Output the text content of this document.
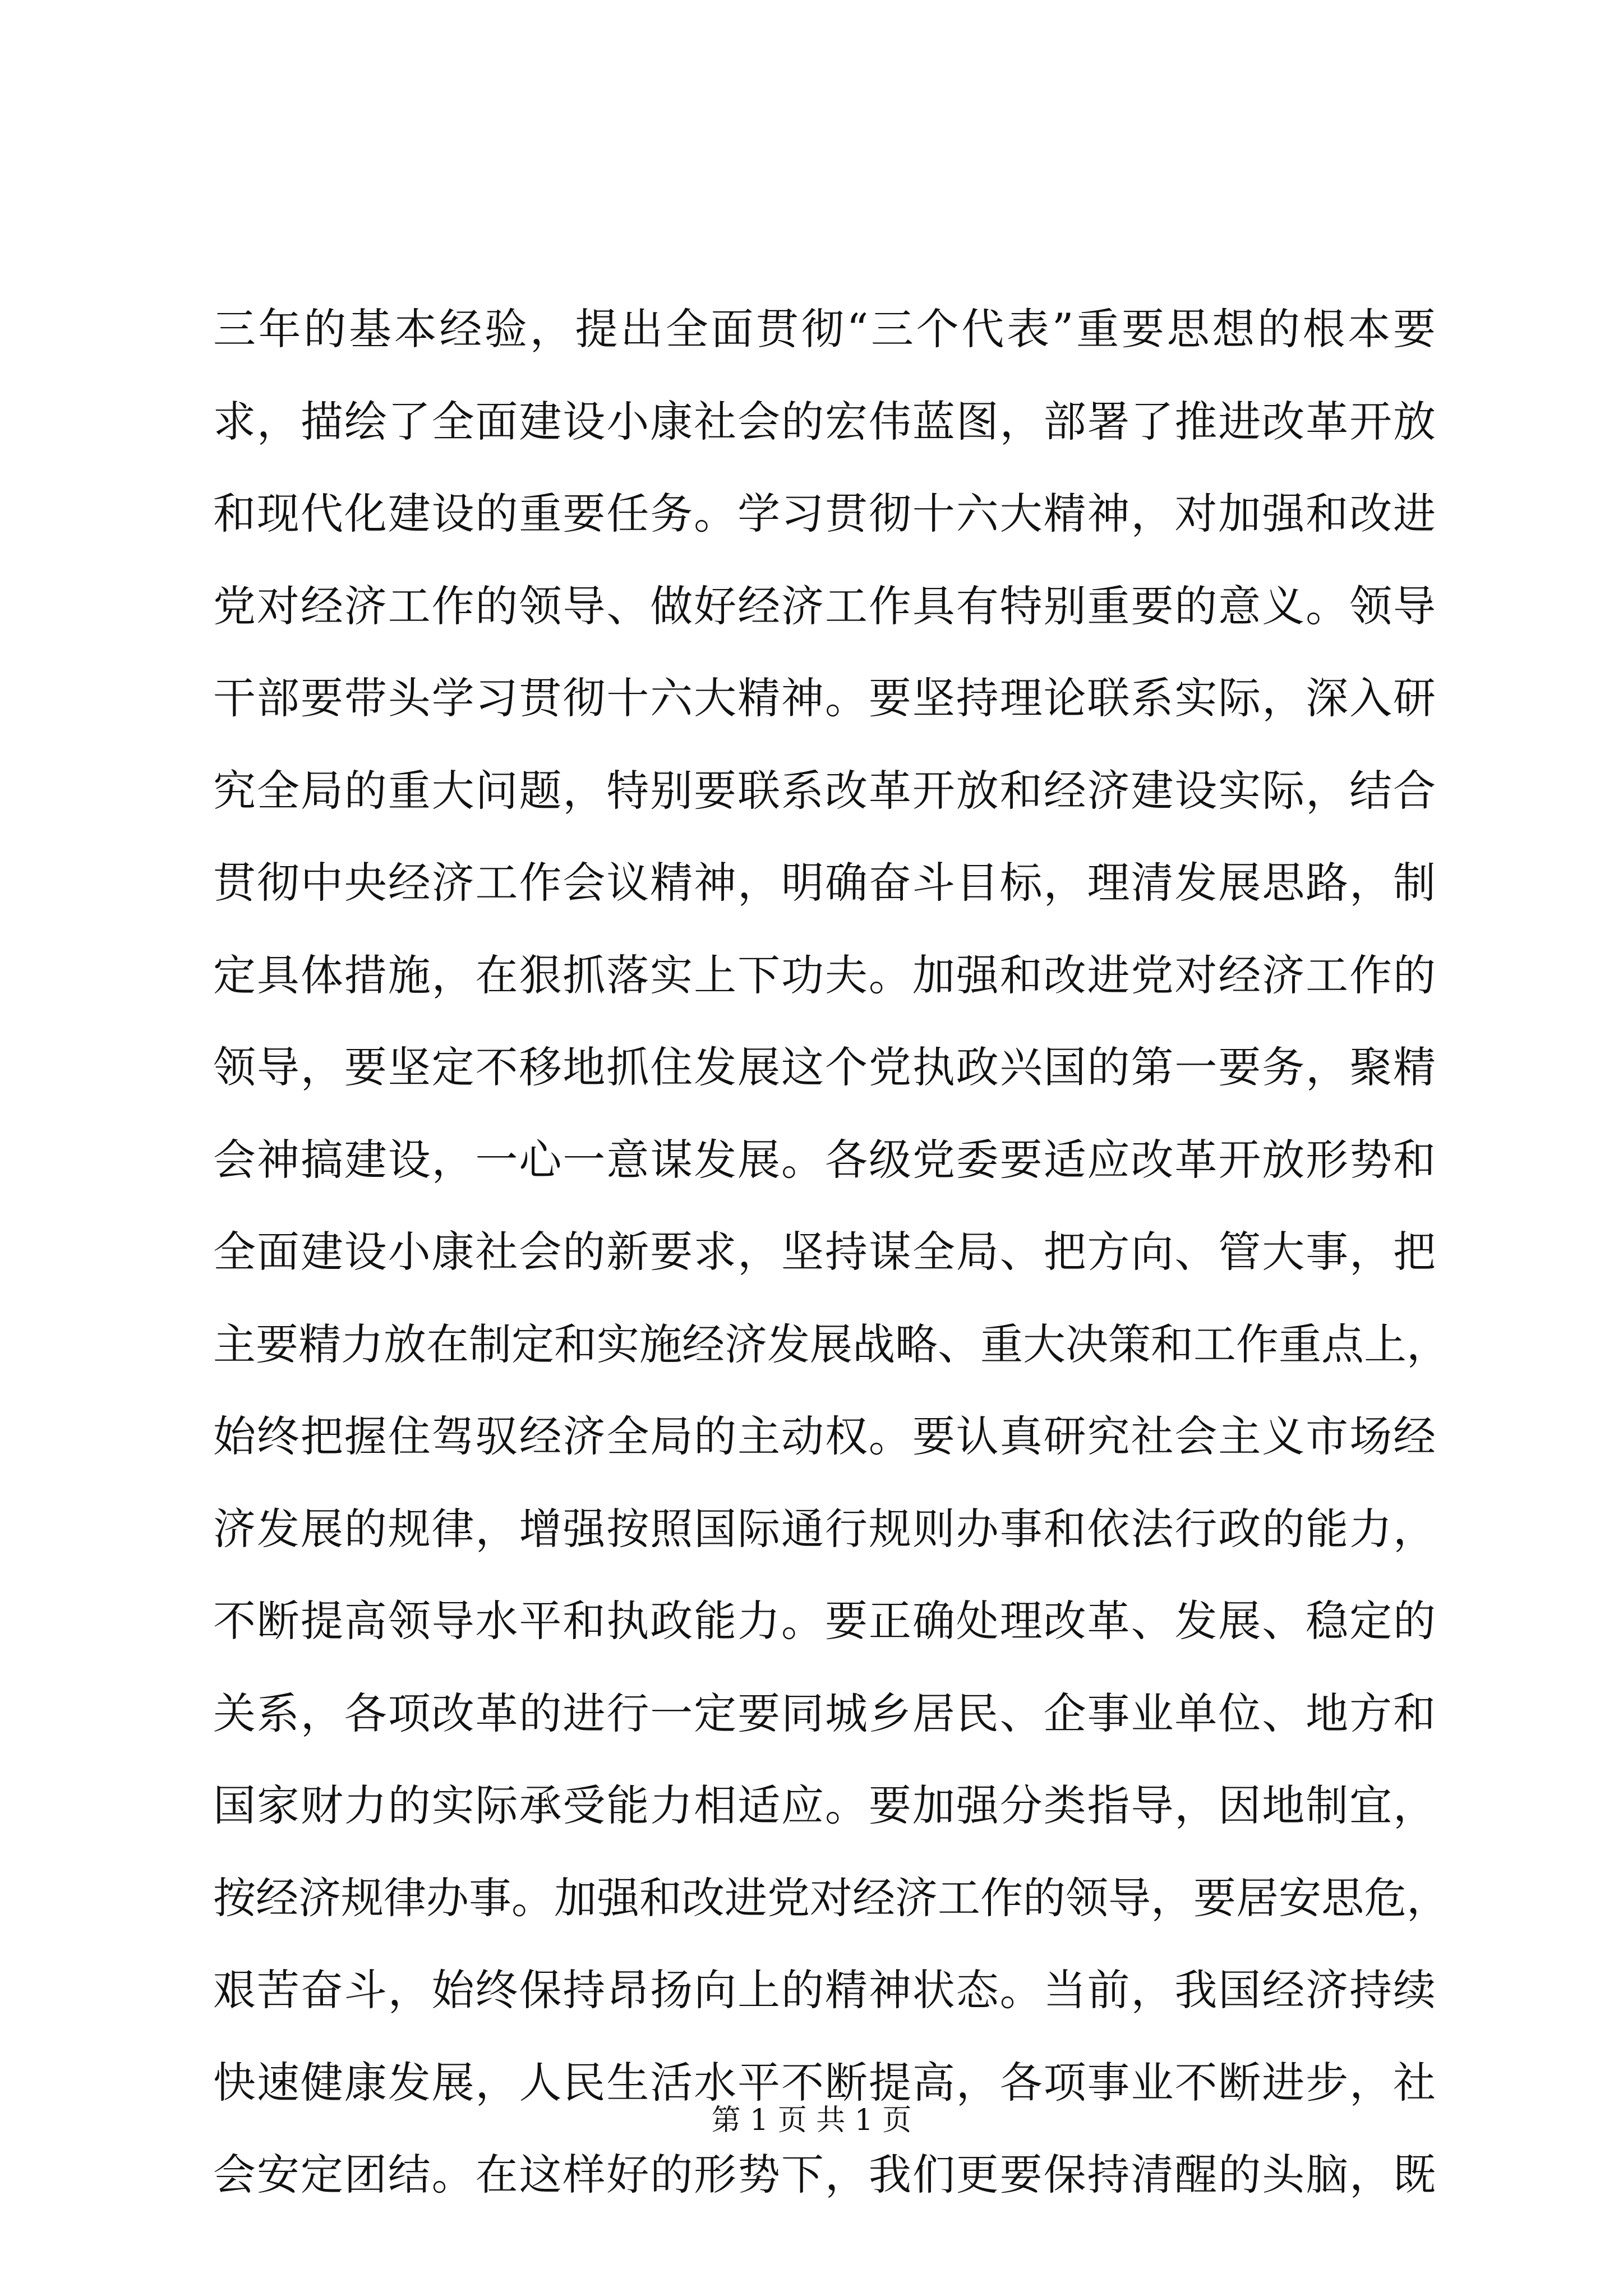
三年的基本经验，提出全面贯彻“三个代表”重要思想的根本要
求，描绘了全面建设小康社会的宏伟蓝图，部署了推进改革开放
和现代化建设的重要任务。学习贯彻十六大精神，对加强和改进
党对经济工作的领导、做好经济工作具有特别重要的意义。领导
干部要带头学习贯彻十六大精神。要坚持理论联系实际，深入研
究全局的重大问题，特别要联系改革开放和经济建设实际，结合
贯彻中央经济工作会议精神，明确奋斗目标，理清发展思路，制
定具体措施，在狠抓落实上下功夫。加强和改进党对经济工作的
领导，要坚定不移地抓住发展这个党执政兴国的第一要务，聚精
会神搞建设，一心一意谋发展。各级党委要适应改革开放形势和
全面建设小康社会的新要求，坚持谋全局、把方向、管大事，把
主要精力放在制定和实施经济发展战略、重大决策和工作重点上，
始终把握住驾驭经济全局的主动权。要认真研究社会主义市场经
济发展的规律，增强按照国际通行规则办事和依法行政的能力，
不断提高领导水平和执政能力。要正确处理改革、发展、稳定的
关系，各项改革的进行一定要同城乡居民、企事业单位、地方和
国家财力的实际承受能力相适应。要加强分类指导，因地制宜，
按经济规律办事。加强和改进党对经济工作的领导，要居安思危，
艰苦奋斗，始终保持昂扬向上的精神状态。当前，我国经济持续
快速健康发展，人民生活水平不断提高，各项事业不断进步，社
会安定团结。在这样好的形势下，我们更要保持清醒的头脑，既
第 1 页 共 1 页
